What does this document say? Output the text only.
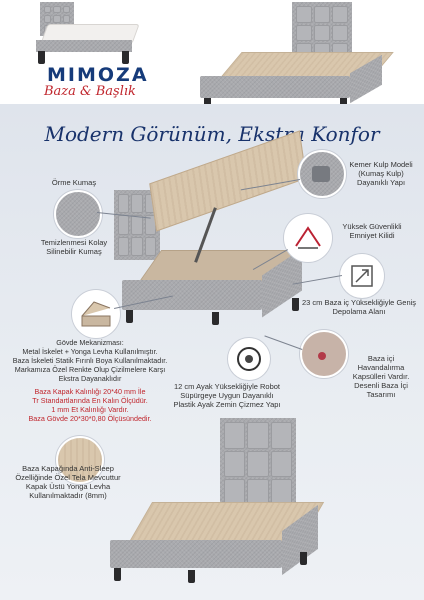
MIMOZA
Baza & Başlık
Modern Görünüm, Ekstra Konfor
Kemer Kulp Modeli (Kumaş Kulp) Dayanıklı Yapı
Örme Kumaş
Temizlenmesi Kolay Silinebilir Kumaş
Yüksek Güvenlikli Emniyet Kilidi
23 cm Baza iç Yüksekliğiyle Geniş Depolama Alanı
Gövde Mekanizması:
Metal İskelet + Yonga Levha Kullanılmıştır.
Baza İskeleti Statik Fırınlı Boya Kullanılmaktadır.
Markamıza Özel Renkte Olup Çizilmelere Karşı
Ekstra Dayanaklıdır
Baza Kapak Kalınlığı 20*40 mm İle
Tr Standartlarında En Kalın Ölçüdür.
1 mm Et Kalınlığı Vardır.
Baza Gövde 20*30*0,80 Ölçüsündedir.
Baza içi Havandalırma Kapsülleri Vardır. Desenli Baza İçi Tasarımı
12 cm Ayak Yüksekliğiyle Robot Süpürgeye Uygun Dayanıklı Plastik Ayak Zemin Çizmez Yapı
Baza Kapağında Anti-Sleep Özelliğinde Özel Tela Mevcuttur Kapak Üstü Yonga Levha Kullanılmaktadır (8mm)
